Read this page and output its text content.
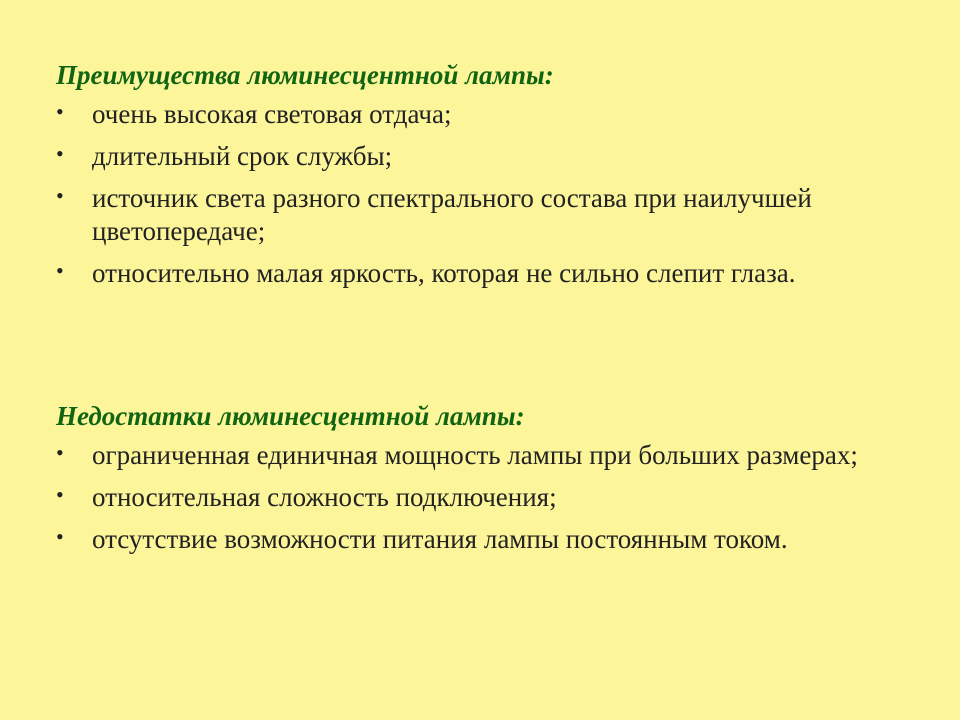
Преимущества люминесцентной лампы:
• очень высокая световая отдача;
• длительный срок службы;
• источник света разного спектрального состава при наилучшей цветопередаче;
• относительно малая яркость, которая не сильно слепит глаза.
Недостатки люминесцентной лампы:
• ограниченная единичная мощность лампы при больших размерах;
• относительная сложность подключения;
• отсутствие возможности питания лампы постоянным током.
